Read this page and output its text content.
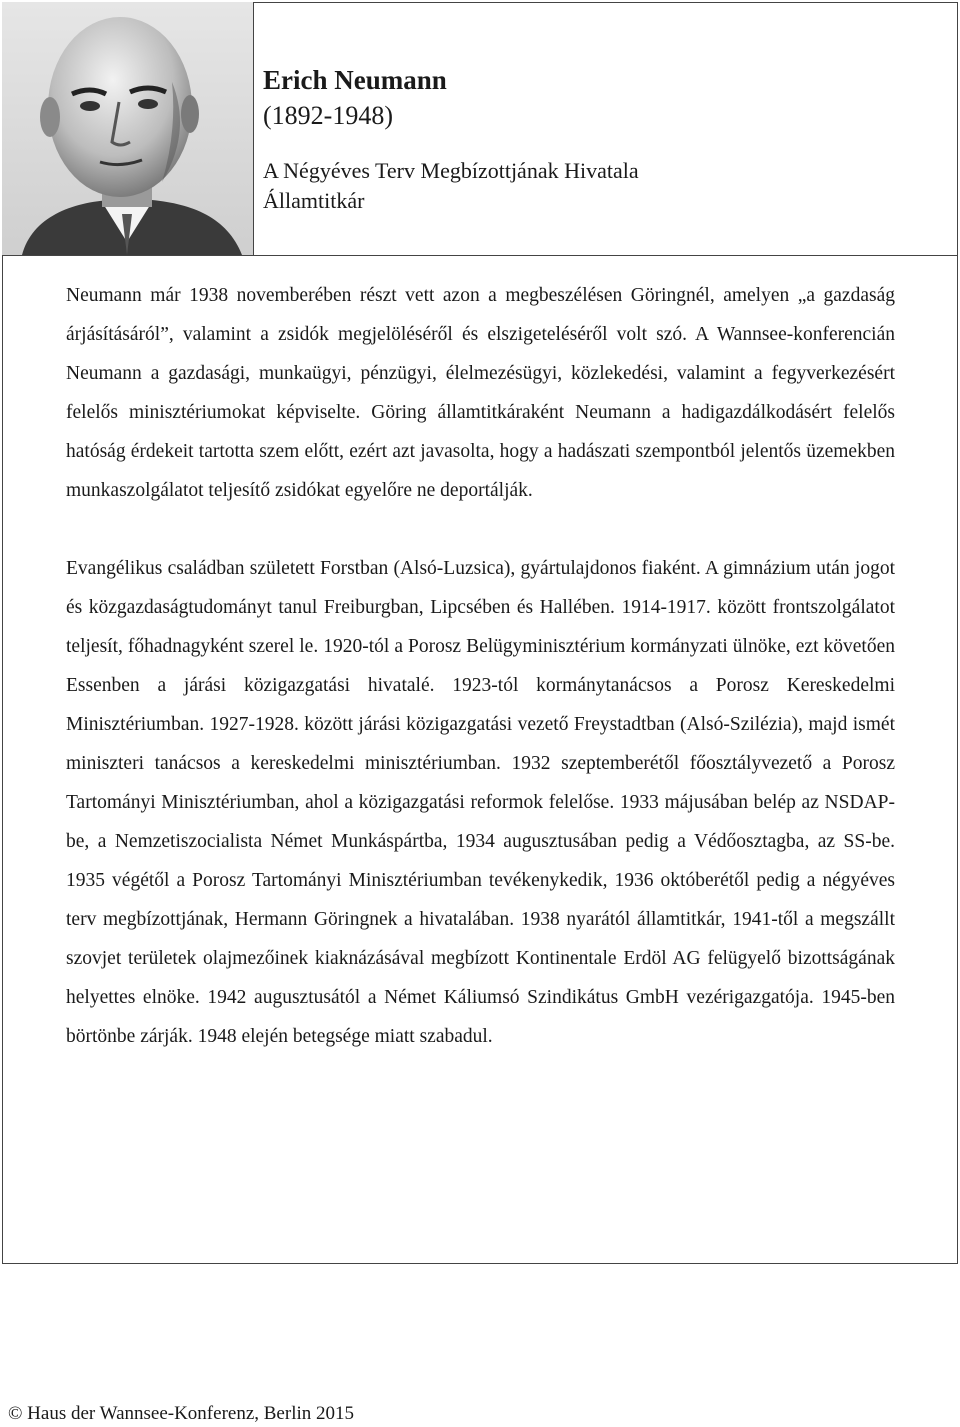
Erich Neumann

(1892-1948)

A Négyéves Terv Megbízottjának Hivatala

Államtitkár

Neumann már 1938 novemberében részt vett azon a megbeszélésen Göringnél, amelyen „a gazdaság árjásításáról”, valamint a zsidók megjelöléséről és elszigeteléséről volt szó. A Wannsee-konferencián Neumann a gazdasági, munkaügyi, pénzügyi, élelmezésügyi, közlekedési, valamint a fegyverkezésért felelős minisztériumokat képviselte. Göring államtitkáraként Neumann a hadigazdálkodásért felelős hatóság érdekeit tartotta szem előtt, ezért azt javasolta, hogy a hadászati szempontból jelentős üzemekben munkaszolgálatot teljesítő zsidókat egyelőre ne deportálják.

Evangélikus családban született Forstban (Alsó-Luzsica), gyártulajdonos fiaként. A gimnázium után jogot és közgazdaságtudományt tanul Freiburgban, Lipcsében és Hallében. 1914-1917. között frontszolgálatot teljesít, főhadnagyként szerel le. 1920-tól a Porosz Belügyminisztérium kormányzati ülnöke, ezt követően Essenben a járási közigazgatási hivatalé. 1923-tól kormánytanácsos a Porosz Kereskedelmi Minisztériumban. 1927-1928. között járási közigazgatási vezető Freystadtban (Alsó-Szilézia), majd ismét miniszteri tanácsos a kereskedelmi minisztériumban. 1932 szeptemberétől főosztályvezető a Porosz Tartományi Minisztériumban, ahol a közigazgatási reformok felelőse. 1933 májusában belép az NSDAP-be, a Nemzetiszocialista Német Munkáspártba, 1934 augusztusában pedig a Védőosztagba, az SS-be. 1935 végétől a Porosz Tartományi Minisztériumban tevékenykedik, 1936 októberétől pedig a négyéves terv megbízottjának, Hermann Göringnek a hivatalában. 1938 nyarától államtitkár, 1941-től a megszállt szovjet területek olajmezőinek kiaknázásával megbízott Kontinentale Erdöl AG felügyelő bizottságának helyettes elnöke. 1942 augusztusától a Német Káliumsó Szindikátus GmbH vezérigazgatója. 1945-ben börtönbe zárják. 1948 elején betegsége miatt szabadul.

© Haus der Wannsee-Konferenz, Berlin 2015
